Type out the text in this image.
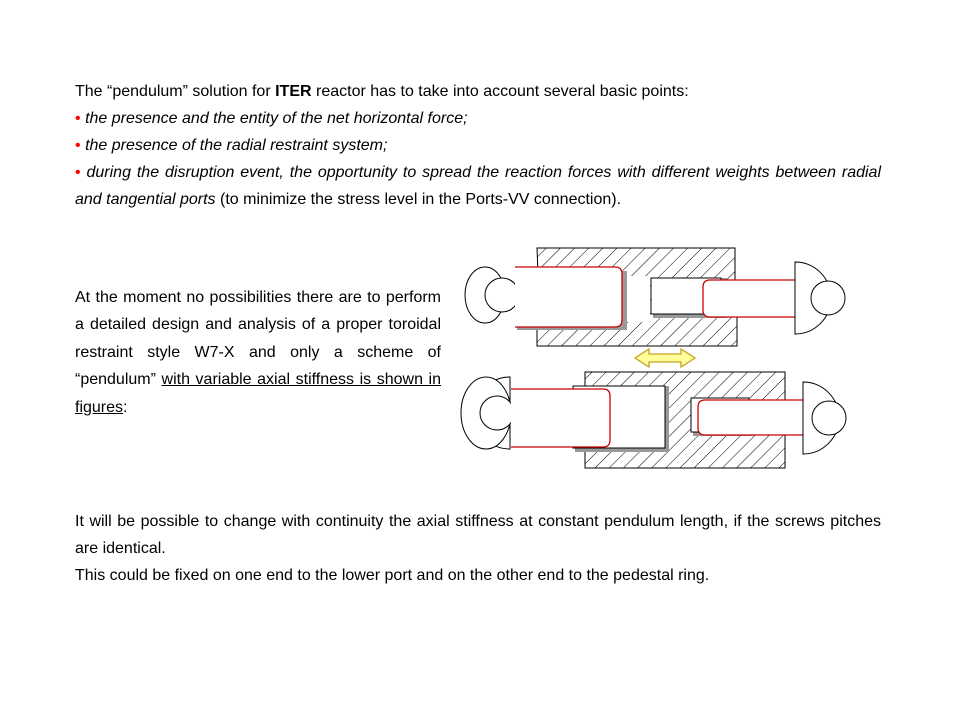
The “pendulum” solution for ITER reactor has to take into account several basic points:

• the presence and the entity of the net horizontal force;

• the presence of the radial restraint system;

• during the disruption event, the opportunity to spread the reaction forces with different weights between radial and tangential ports (to minimize the stress level in the Ports-VV connection).

At the moment no possibilities there are to perform a detailed design and analysis of a proper toroidal restraint style W7-X and only a scheme of “pendulum” with variable axial stiffness is shown in figures:

It will be possible to change with continuity the axial stiffness at constant pendulum length, if the screws pitches are identical.

This could be fixed on one end to the lower port and on the other end to the pedestal ring.
